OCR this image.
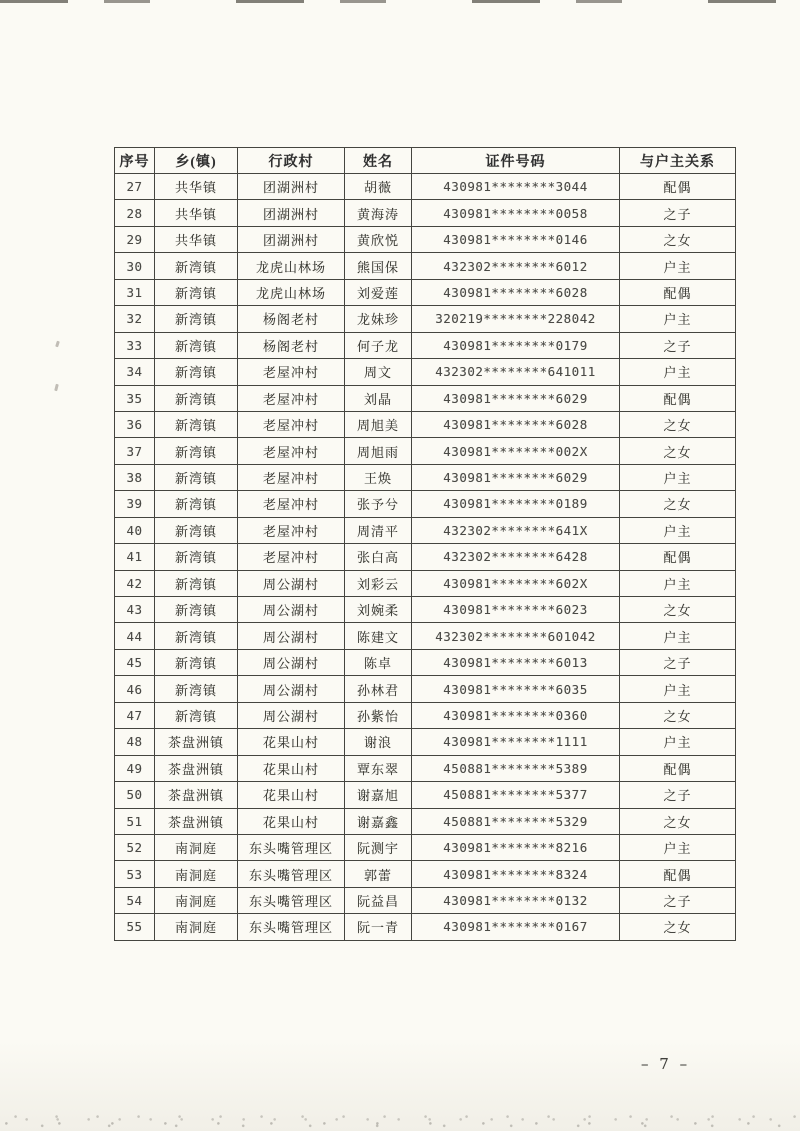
序号	乡(镇)	行政村	姓名	证件号码	与户主关系
27	共华镇	团湖洲村	胡薇	430981********3044	配偶
28	共华镇	团湖洲村	黄海涛	430981********0058	之子
29	共华镇	团湖洲村	黄欣悦	430981********0146	之女
30	新湾镇	龙虎山林场	熊国保	432302********6012	户主
31	新湾镇	龙虎山林场	刘爱莲	430981********6028	配偶
32	新湾镇	杨阁老村	龙妹珍	320219********228042	户主
33	新湾镇	杨阁老村	何子龙	430981********0179	之子
34	新湾镇	老屋冲村	周文	432302********641011	户主
35	新湾镇	老屋冲村	刘晶	430981********6029	配偶
36	新湾镇	老屋冲村	周旭美	430981********6028	之女
37	新湾镇	老屋冲村	周旭雨	430981********002X	之女
38	新湾镇	老屋冲村	王焕	430981********6029	户主
39	新湾镇	老屋冲村	张予兮	430981********0189	之女
40	新湾镇	老屋冲村	周清平	432302********641X	户主
41	新湾镇	老屋冲村	张白高	432302********6428	配偶
42	新湾镇	周公湖村	刘彩云	430981********602X	户主
43	新湾镇	周公湖村	刘婉柔	430981********6023	之女
44	新湾镇	周公湖村	陈建文	432302********601042	户主
45	新湾镇	周公湖村	陈卓	430981********6013	之子
46	新湾镇	周公湖村	孙林君	430981********6035	户主
47	新湾镇	周公湖村	孙紫怡	430981********0360	之女
48	茶盘洲镇	花果山村	谢浪	430981********1111	户主
49	茶盘洲镇	花果山村	覃东翠	450881********5389	配偶
50	茶盘洲镇	花果山村	谢嘉旭	450881********5377	之子
51	茶盘洲镇	花果山村	谢嘉鑫	450881********5329	之女
52	南洞庭	东头嘴管理区	阮测宇	430981********8216	户主
53	南洞庭	东头嘴管理区	郭蕾	430981********8324	配偶
54	南洞庭	东头嘴管理区	阮益昌	430981********0132	之子
55	南洞庭	东头嘴管理区	阮一青	430981********0167	之女
– 7 –
